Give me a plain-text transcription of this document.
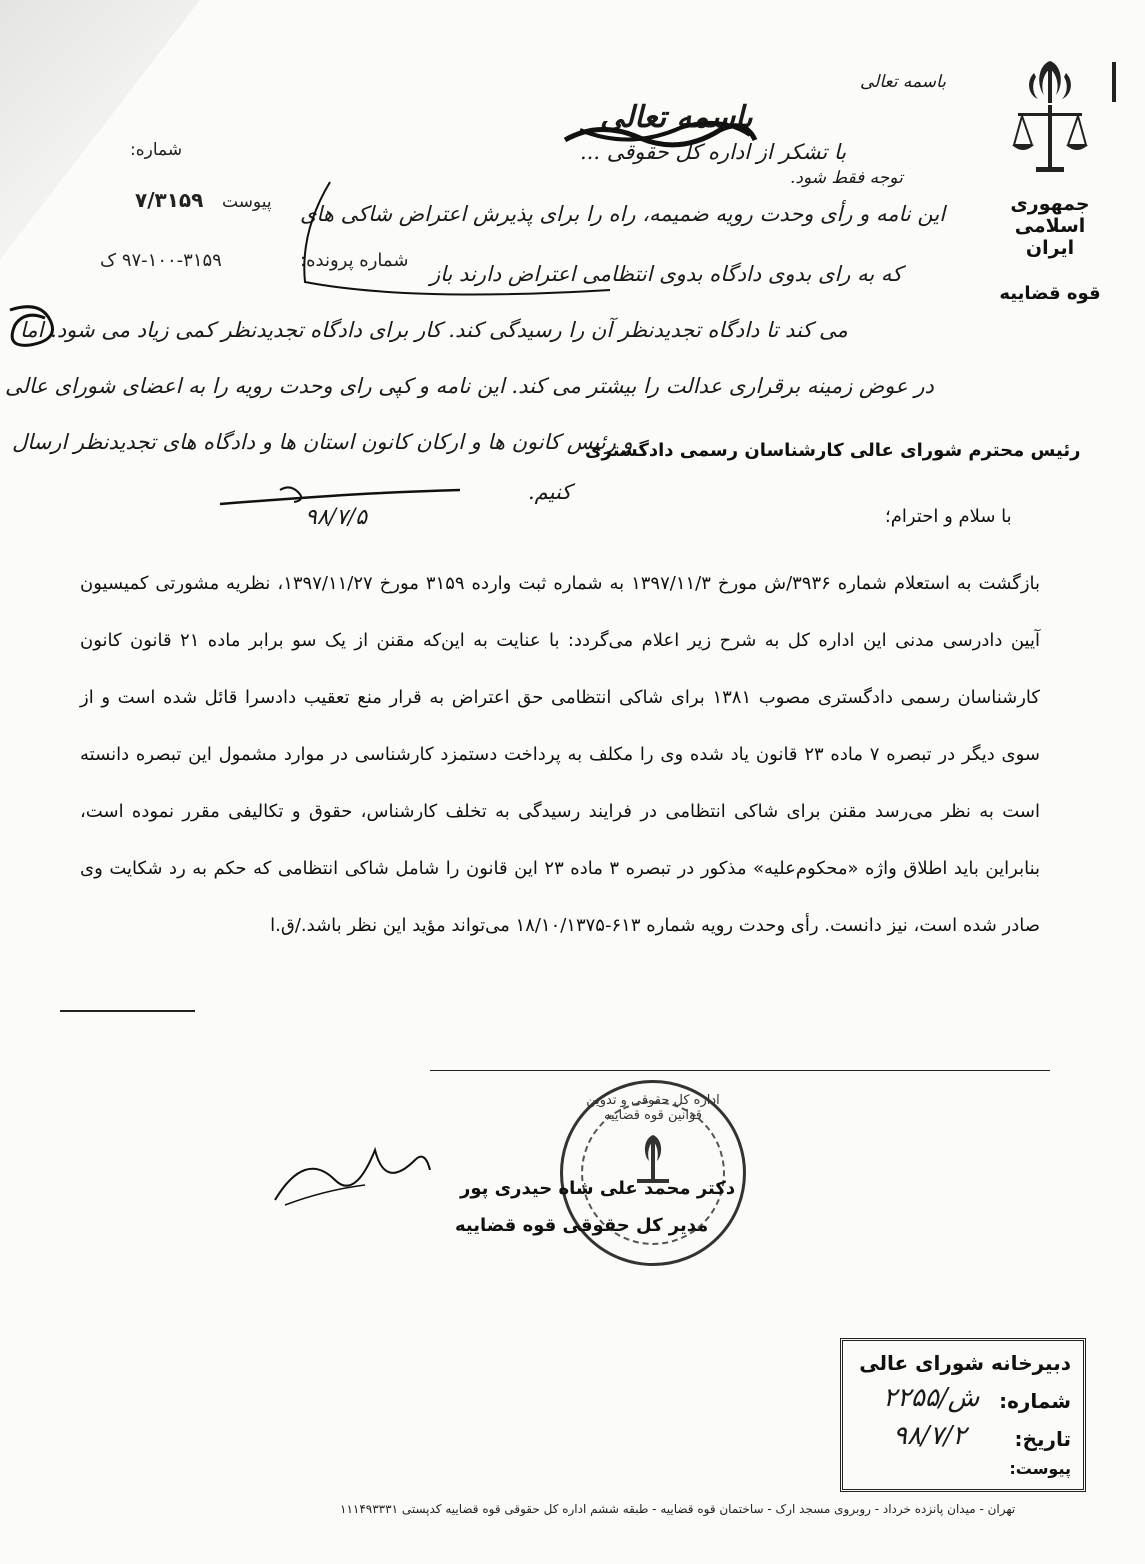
جمهوری اسلامی ایران
قوه قضاییه
شماره:
۷/۳۱۵۹ پیوست
۹۷-۱۰۰-۳۱۵۹ ک	شماره پرونده:
باسمه تعالی
باسمه تعالی
با تشکر از اداره کل حقوقی ...
توجه فقط شود.
این نامه و رأی وحدت رویه ضمیمه، راه را برای پذیرش اعتراض شاکی های
که به رای بدوی دادگاه بدوی انتظامی اعتراض دارند باز
می کند تا دادگاه تجدیدنظر آن را رسیدگی کند. کار برای دادگاه تجدیدنظر کمی زیاد می شود. اما
در عوض زمینه برقراری عدالت را بیشتر می کند. این نامه و کپی رای وحدت رویه را به اعضای شورای عالی
و رئیس کانون ها و ارکان کانون استان ها و دادگاه های تجدیدنظر ارسال
کنیم.
۹۸/۷/۵
رئیس محترم شورای عالی کارشناسان رسمی دادگستری
با سلام و احترام؛

بازگشت به استعلام شماره ۳۹۳۶/ش مورخ ۱۳۹۷/۱۱/۳ به شماره ثبت وارده ۳۱۵۹ مورخ ۱۳۹۷/۱۱/۲۷، نظریه مشورتی کمیسیون آیین دادرسی مدنی این اداره کل به شرح زیر اعلام می‌گردد: با عنایت به این‌که مقنن از یک سو برابر ماده ۲۱ قانون کانون کارشناسان رسمی دادگستری مصوب ۱۳۸۱ برای شاکی انتظامی حق اعتراض به قرار منع تعقیب دادسرا قائل شده است و از سوی دیگر در تبصره ۷ ماده ۲۳ قانون یاد شده وی را مکلف به پرداخت دستمزد کارشناسی در موارد مشمول این تبصره دانسته است به نظر می‌رسد مقنن برای شاکی انتظامی در فرایند رسیدگی به تخلف کارشناس، حقوق و تکالیفی مقرر نموده است، بنابراین باید اطلاق واژه «محکوم‌علیه» مذکور در تبصره ۳ ماده ۲۳ این قانون را شامل شاکی انتظامی که حکم به رد شکایت وی صادر شده است، نیز دانست. رأی وحدت رویه شماره ۶۱۳-۱۸/۱۰/۱۳۷۵ می‌تواند مؤید این نظر باشد./ق.ا

اداره کل حقوقی و تدوین قوانین قوه قضاییه
دکتر محمد علی شاه حیدری پور
مدیر کل حقوقی قوه قضاییه
دبیرخانه شورای عالی
شماره:
۲۲۵۵/ش
تاریخ:
۹۸/۷/۲
پیوست:
تهران - میدان پانزده خرداد - روبروی مسجد ارک - ساختمان قوه قضاییه - طبقه ششم اداره کل حقوقی قوه قضاییه کدپستی ۱۱۱۴۹۳۳۳۱
